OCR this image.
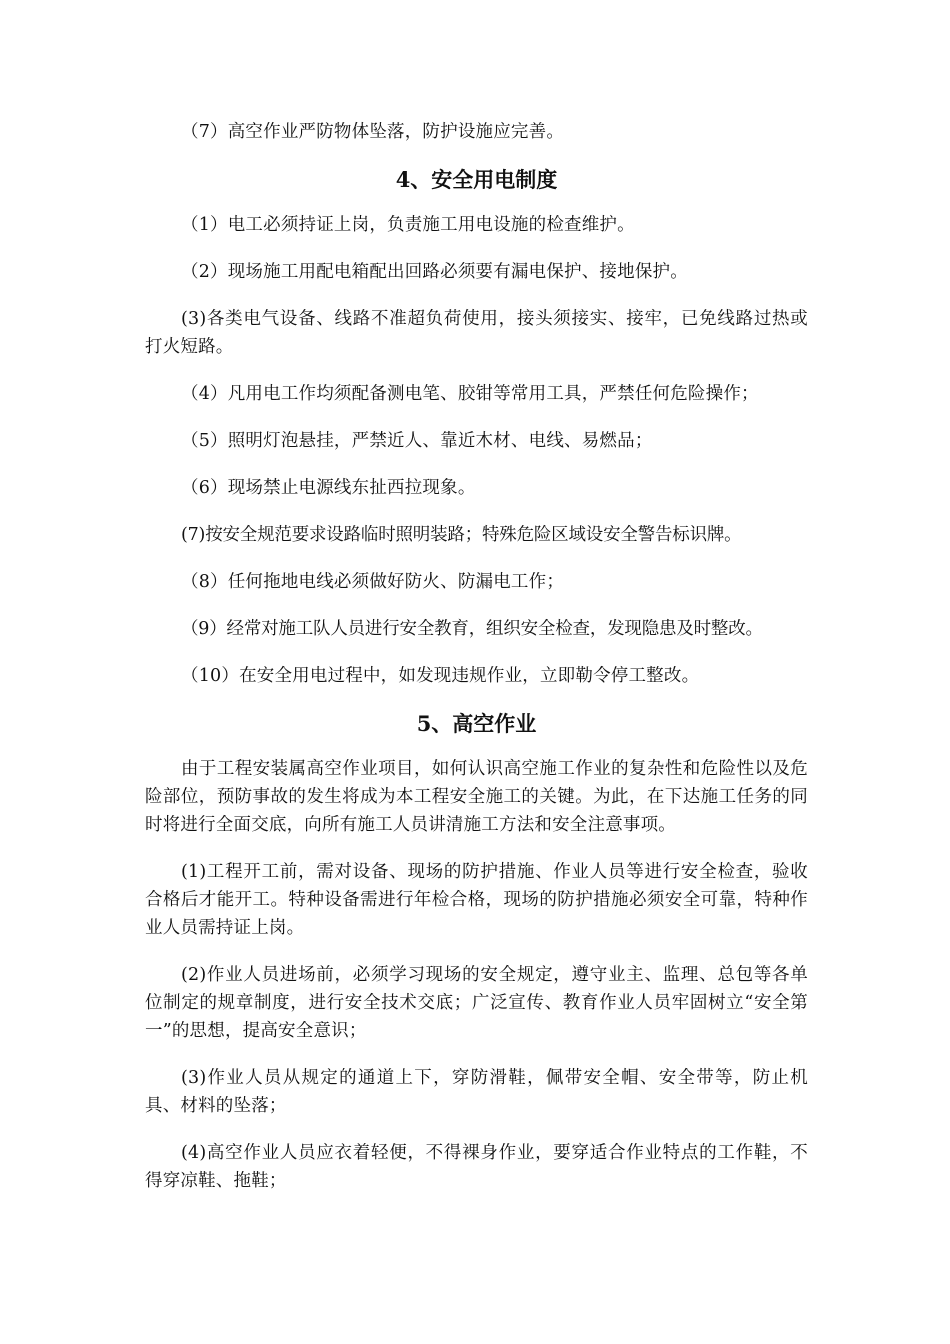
（7）高空作业严防物体坠落，防护设施应完善。

4、安全用电制度

（1）电工必须持证上岗，负责施工用电设施的检查维护。

（2）现场施工用配电箱配出回路必须要有漏电保护、接地保护。

(3)各类电气设备、线路不准超负荷使用，接头须接实、接牢，已免线路过热或打火短路。

（4）凡用电工作均须配备测电笔、胶钳等常用工具，严禁任何危险操作；

（5）照明灯泡悬挂，严禁近人、靠近木材、电线、易燃品；

（6）现场禁止电源线东扯西拉现象。

(7)按安全规范要求设路临时照明装路；特殊危险区域设安全警告标识牌。

（8）任何拖地电线必须做好防火、防漏电工作；

（9）经常对施工队人员进行安全教育，组织安全检查，发现隐患及时整改。

（10）在安全用电过程中，如发现违规作业，立即勒令停工整改。

5、高空作业

由于工程安装属高空作业项目，如何认识高空施工作业的复杂性和危险性以及危险部位，预防事故的发生将成为本工程安全施工的关键。为此，在下达施工任务的同时将进行全面交底，向所有施工人员讲清施工方法和安全注意事项。

(1)工程开工前，需对设备、现场的防护措施、作业人员等进行安全检查，验收合格后才能开工。特种设备需进行年检合格，现场的防护措施必须安全可靠，特种作业人员需持证上岗。

(2)作业人员进场前，必须学习现场的安全规定，遵守业主、监理、总包等各单位制定的规章制度，进行安全技术交底；广泛宣传、教育作业人员牢固树立“安全第一”的思想，提高安全意识；

(3)作业人员从规定的通道上下，穿防滑鞋，佩带安全帽、安全带等，防止机具、材料的坠落；

(4)高空作业人员应衣着轻便，不得裸身作业，要穿适合作业特点的工作鞋，不得穿凉鞋、拖鞋；
